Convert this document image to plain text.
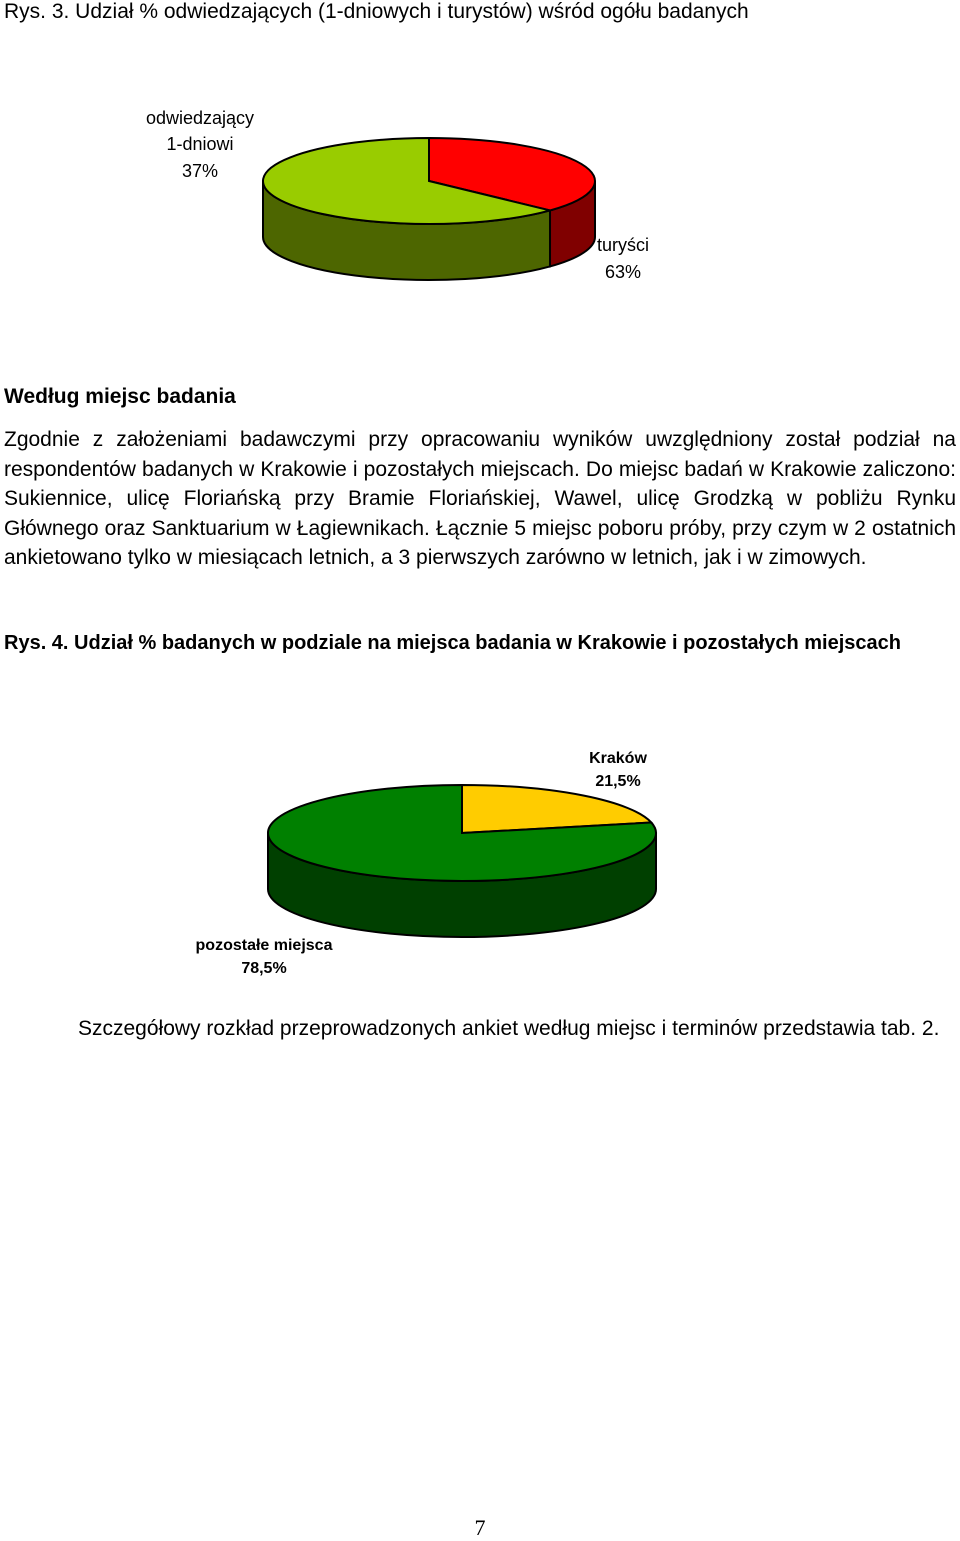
Rys. 3. Udział % odwiedzających (1-dniowych i turystów) wśród ogółu badanych
odwiedzający
1-dniowi
37%
turyści
63%
Kraków
21,5%
pozostałe miejsca
78,5%
Według miejsc badania

Zgodnie z założeniami badawczymi przy opracowaniu wyników uwzględniony został podział na respondentów badanych w Krakowie i pozostałych miejscach. Do miejsc badań w Krakowie zaliczono: Sukiennice, ulicę Floriańską przy Bramie Floriańskiej, Wawel, ulicę Grodzką w pobliżu Rynku Głównego oraz Sanktuarium w Łagiewnikach. Łącznie 5 miejsc poboru próby, przy czym w 2 ostatnich ankietowano tylko w miesiącach letnich, a 3 pierwszych zarówno w letnich, jak i w zimowych.

Rys. 4. Udział % badanych w podziale na miejsca badania w Krakowie i pozostałych miejscach
Szczegółowy rozkład przeprowadzonych ankiet według miejsc i terminów przedstawia tab. 2.
7
